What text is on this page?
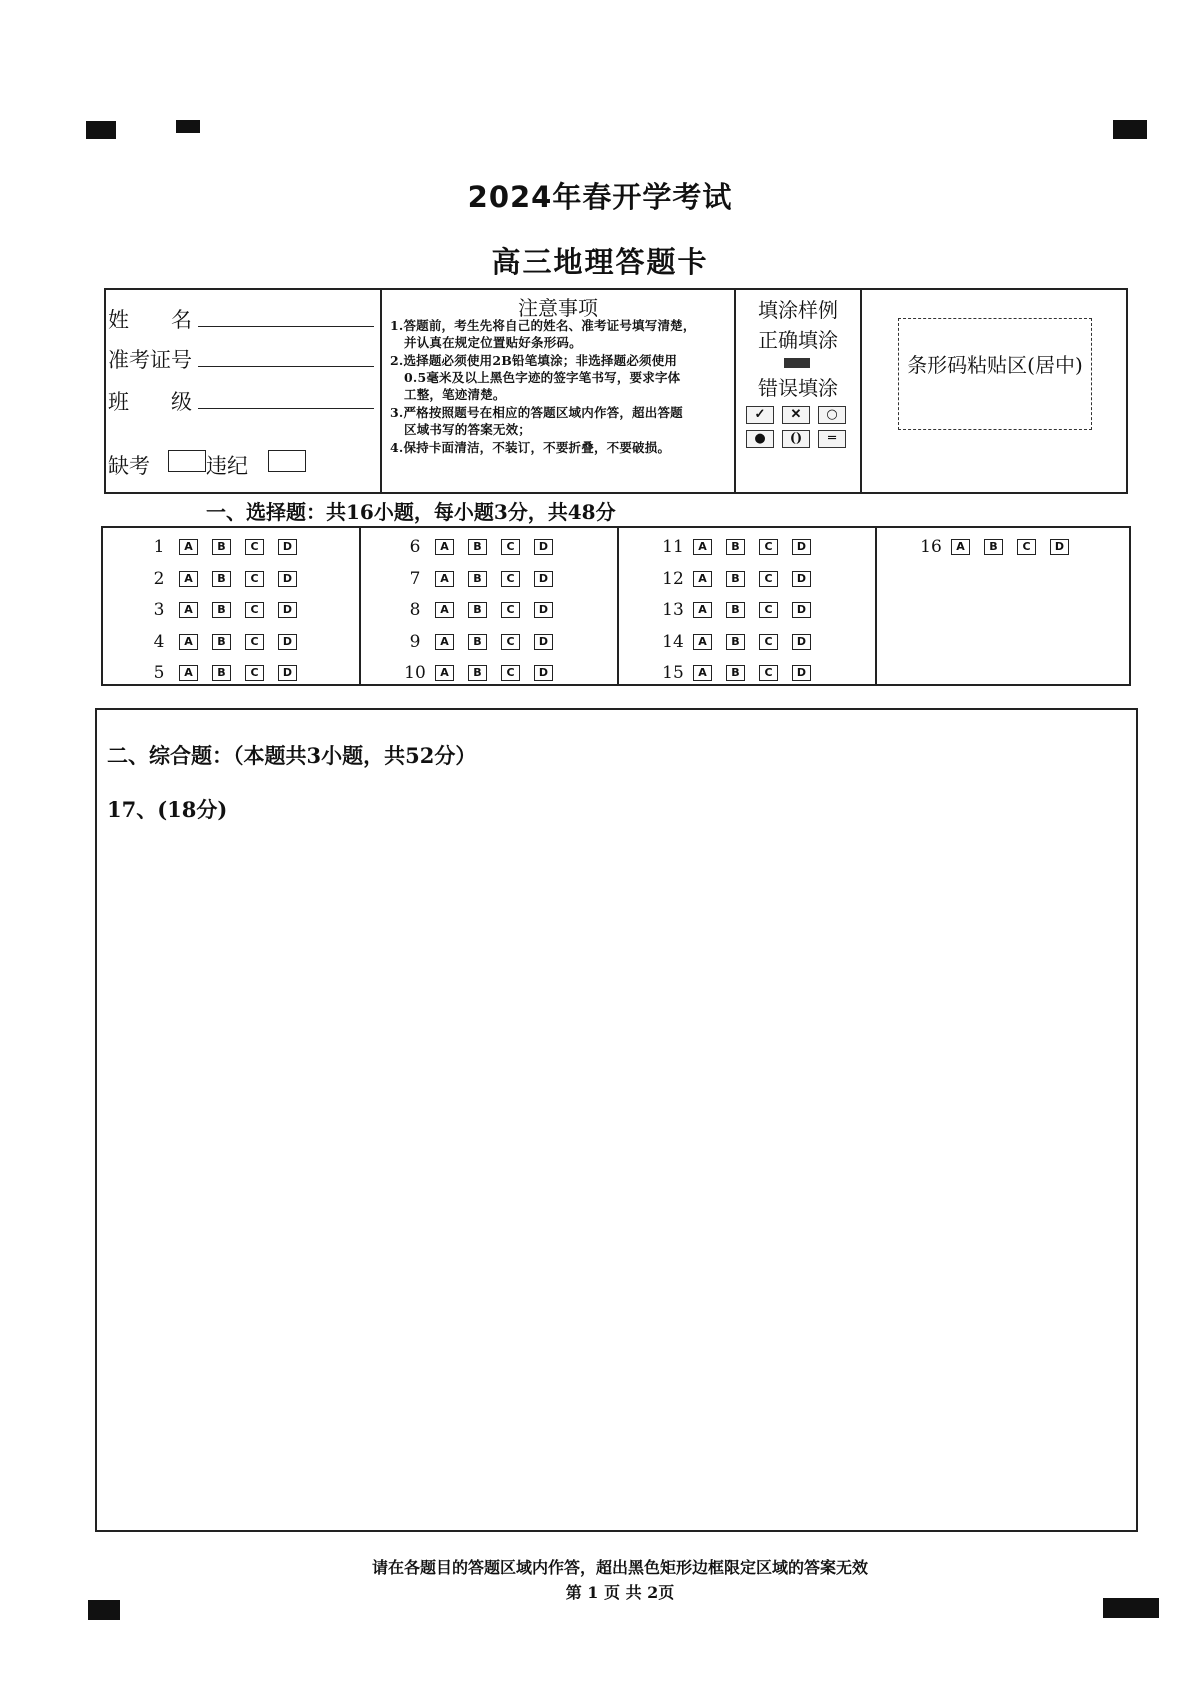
2024年春开学考试
高三地理答题卡
姓　　名
准考证号
班　　级
缺考	违纪
注意事项
1.答题前，考生先将自己的姓名、准考证号填写清楚，
并认真在规定位置贴好条形码。
2.选择题必须使用2B铅笔填涂；非选择题必须使用
0.5毫米及以上黑色字迹的签字笔书写，要求字体
工整，笔迹清楚。
3.严格按照题号在相应的答题区域内作答，超出答题
区域书写的答案无效；
4.保持卡面清洁，不装订，不要折叠，不要破损。
填涂样例
正确填涂
错误填涂
✓	✕	○
●	()	═
条形码粘贴区(居中)
一、选择题：共16小题，每小题3分，共48分
1	A	B	C	D
2	A	B	C	D
3	A	B	C	D
4	A	B	C	D
5	A	B	C	D
6	A	B	C	D
7	A	B	C	D
8	A	B	C	D
9	A	B	C	D
10	A	B	C	D
11	A	B	C	D
12	A	B	C	D
13	A	B	C	D
14	A	B	C	D
15	A	B	C	D
16	A	B	C	D
二、综合题：（本题共3小题，共52分）
17、(18分)
请在各题目的答题区域内作答，超出黑色矩形边框限定区域的答案无效
第 1 页 共 2页
